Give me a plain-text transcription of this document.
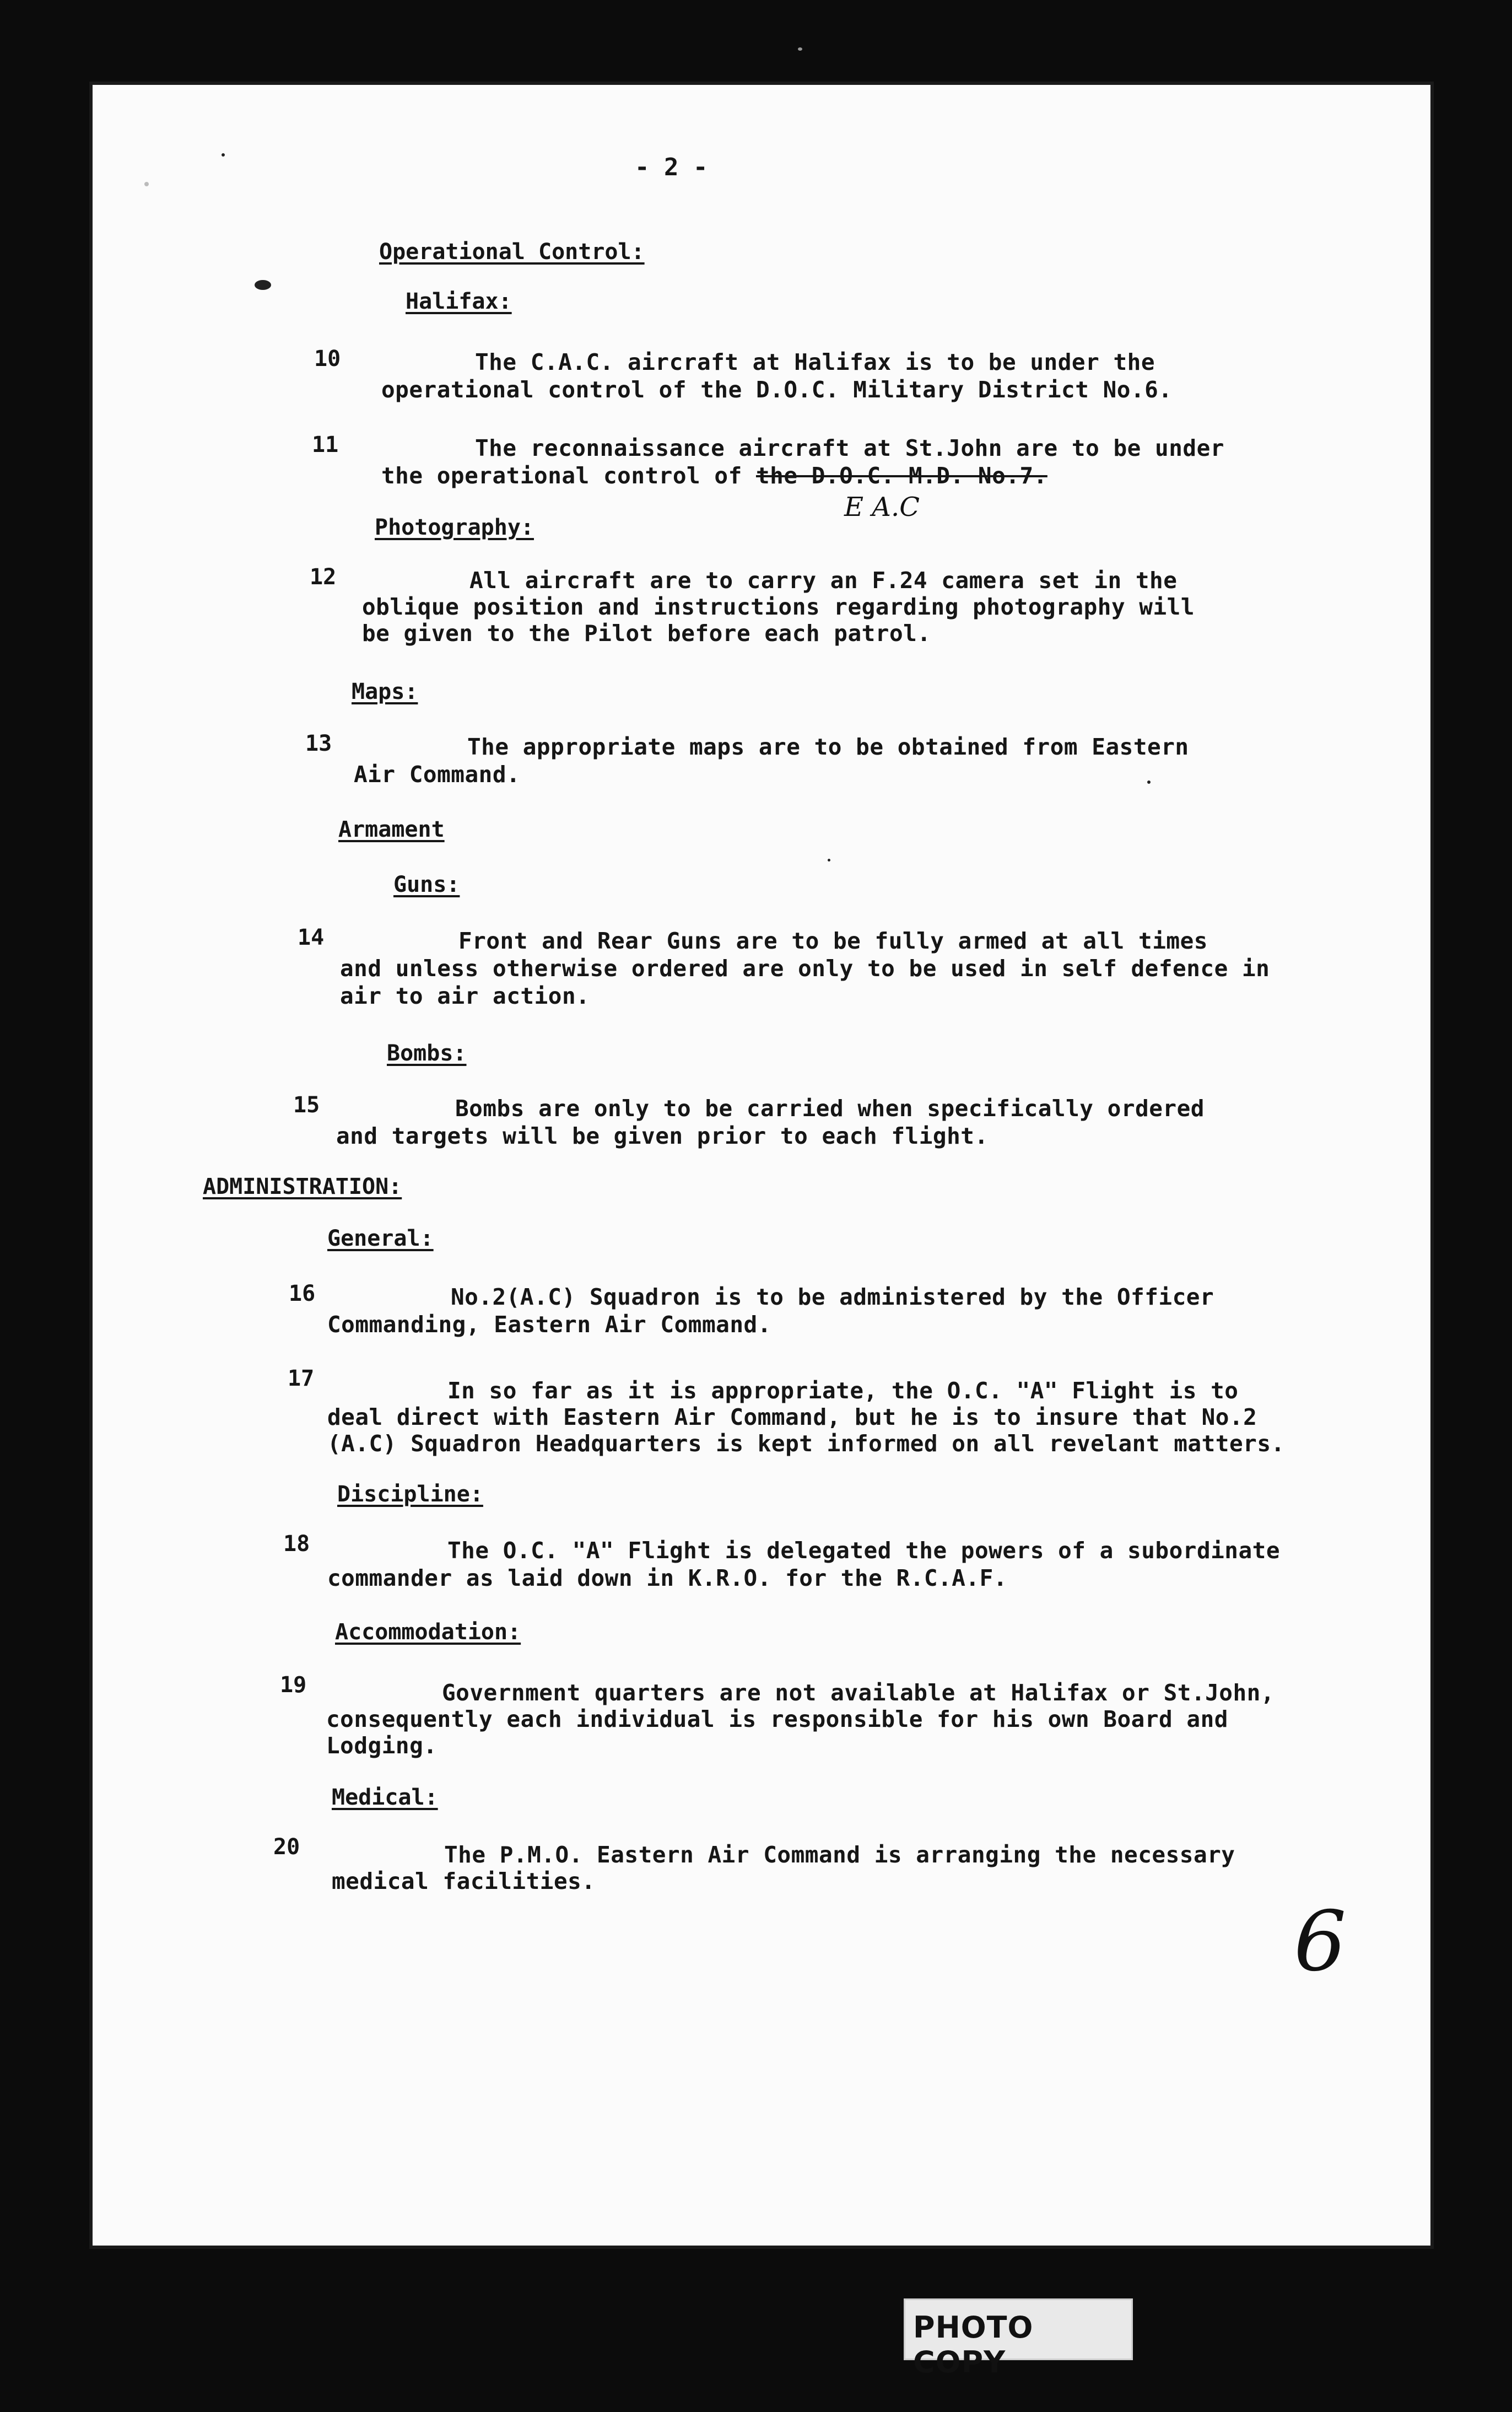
- 2 -
Operational Control:
Halifax:
10	The C.A.C. aircraft at Halifax is to be under the
operational control of the D.O.C. Military District No.6.
11	The reconnaissance aircraft at St.John are to be under
the operational control of the D.O.C. M.D. No.7.
E A.C
Photography:
12	All aircraft are to carry an F.24 camera set in the
oblique position and instructions regarding photography will
be given to the Pilot before each patrol.
Maps:
13	The appropriate maps are to be obtained from Eastern
Air Command.
Armament
Guns:
14	Front and Rear Guns are to be fully armed at all times
and unless otherwise ordered are only to be used in self defence in
air to air action.
Bombs:
15	Bombs are only to be carried when specifically ordered
and targets will be given prior to each flight.
ADMINISTRATION:
General:
16	No.2(A.C) Squadron is to be administered by the Officer
Commanding, Eastern Air Command.
17	In so far as it is appropriate, the O.C. "A" Flight is to
deal direct with Eastern Air Command, but he is to insure that No.2
(A.C) Squadron Headquarters is kept informed on all revelant matters.
Discipline:
18	The O.C. "A" Flight is delegated the powers of a subordinate
commander as laid down in K.R.O. for the R.C.A.F.
Accommodation:
19	Government quarters are not available at Halifax or St.John,
consequently each individual is responsible for his own Board and
Lodging.
Medical:
20	The P.M.O. Eastern Air Command is arranging the necessary
medical facilities.
6
PHOTO COPY
